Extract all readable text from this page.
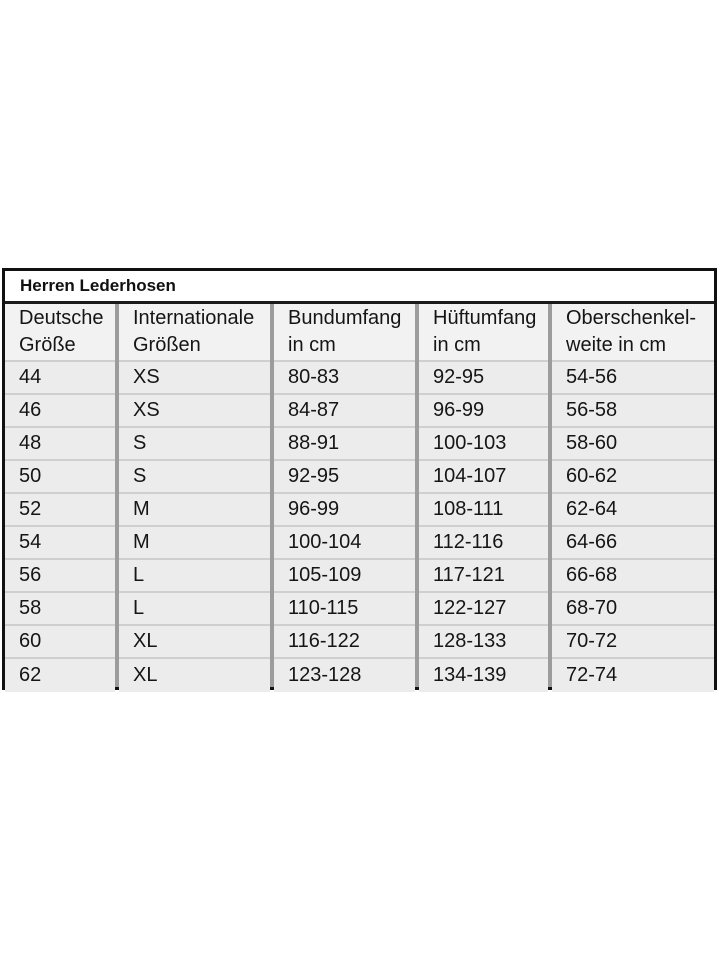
Herren Lederhosen
Deutsche
Größe
44
46
48
50
52
54
56
58
60
62
Internationale
Größen
XS
XS
S
S
M
M
L
L
XL
XL
Bundumfang
in cm
80-83
84-87
88-91
92-95
96-99
100-104
105-109
110-115
116-122
123-128
Hüftumfang
in cm
92-95
96-99
100-103
104-107
108-111
112-116
117-121
122-127
128-133
134-139
Oberschenkel-
weite in cm
54-56
56-58
58-60
60-62
62-64
64-66
66-68
68-70
70-72
72-74
